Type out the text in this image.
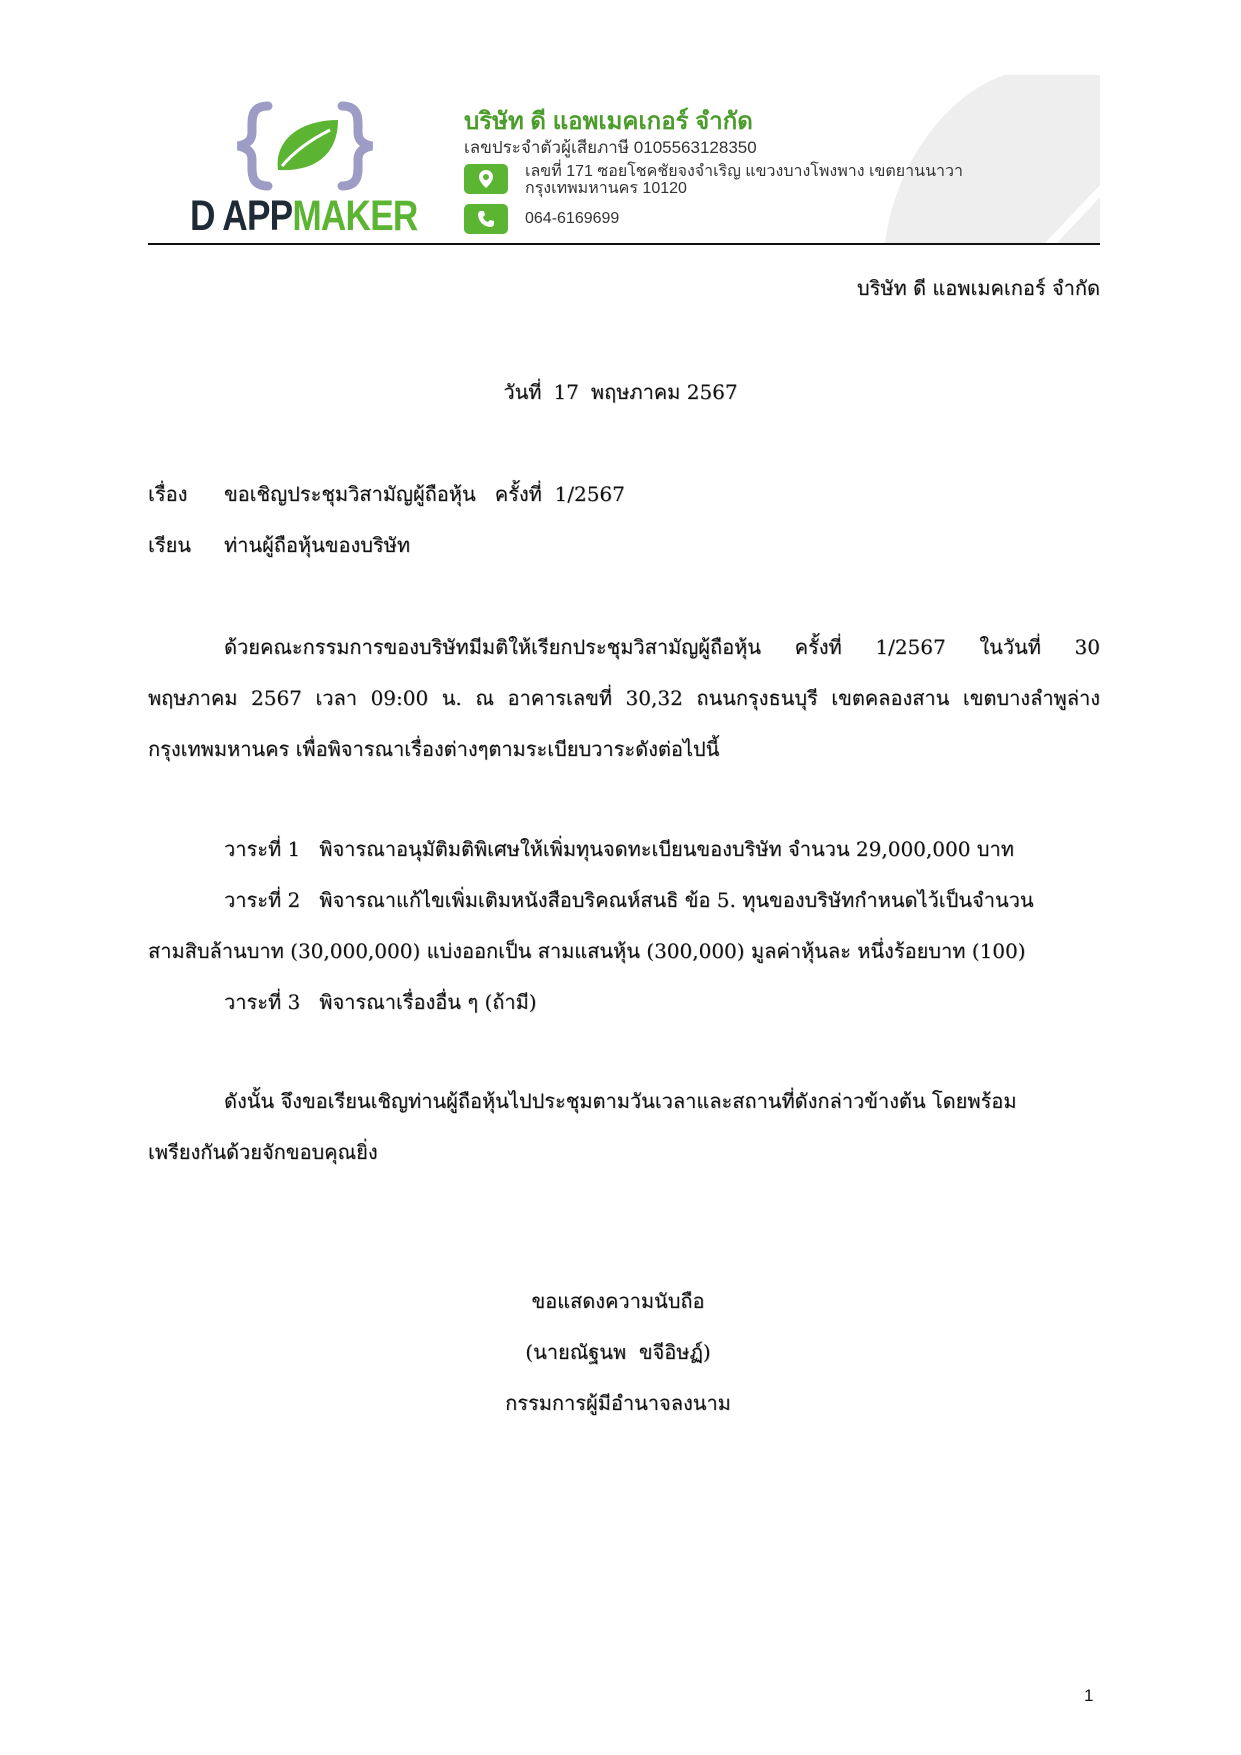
D APPMAKER
บริษัท ดี แอพเมคเกอร์ จำกัด
เลขประจำตัวผู้เสียภาษี 0105563128350
เลขที่ 171 ซอยโชคชัยจงจำเริญ แขวงบางโพงพาง เขตยานนาวา
กรุงเทพมหานคร 10120
064-6169699
บริษัท ดี แอพเมคเกอร์ จำกัด
วันที่ 17 พฤษภาคม 2567
เรื่อง ขอเชิญประชุมวิสามัญผู้ถือหุ้น   ครั้งที่  1/2567
เรียน ท่านผู้ถือหุ้นของบริษัท
ด้วยคณะกรรมการของบริษัทมีมติให้เรียกประชุมวิสามัญผู้ถือหุ้น ครั้งที่ 1/2567 ในวันที่ 30
พฤษภาคม 2567 เวลา 09:00 น. ณ อาคารเลขที่ 30,32 ถนนกรุงธนบุรี เขตคลองสาน เขตบางลำพูล่าง
กรุงเทพมหานคร เพื่อพิจารณาเรื่องต่างๆตามระเบียบวาระดังต่อไปนี้
วาระที่ 1   พิจารณาอนุมัติมติพิเศษให้เพิ่มทุนจดทะเบียนของบริษัท จำนวน 29,000,000 บาท
วาระที่ 2   พิจารณาแก้ไขเพิ่มเติมหนังสือบริคณห์สนธิ ข้อ 5. ทุนของบริษัทกำหนดไว้เป็นจำนวน
สามสิบล้านบาท (30,000,000) แบ่งออกเป็น สามแสนหุ้น (300,000) มูลค่าหุ้นละ หนึ่งร้อยบาท (100)
วาระที่ 3   พิจารณาเรื่องอื่น ๆ (ถ้ามี)
ดังนั้น จึงขอเรียนเชิญท่านผู้ถือหุ้นไปประชุมตามวันเวลาและสถานที่ดังกล่าวข้างต้น โดยพร้อม
เพรียงกันด้วยจักขอบคุณยิ่ง
ขอแสดงความนับถือ
(นายณัฐนพ  ขจีอิษฏ์)
กรรมการผู้มีอำนาจลงนาม
1
